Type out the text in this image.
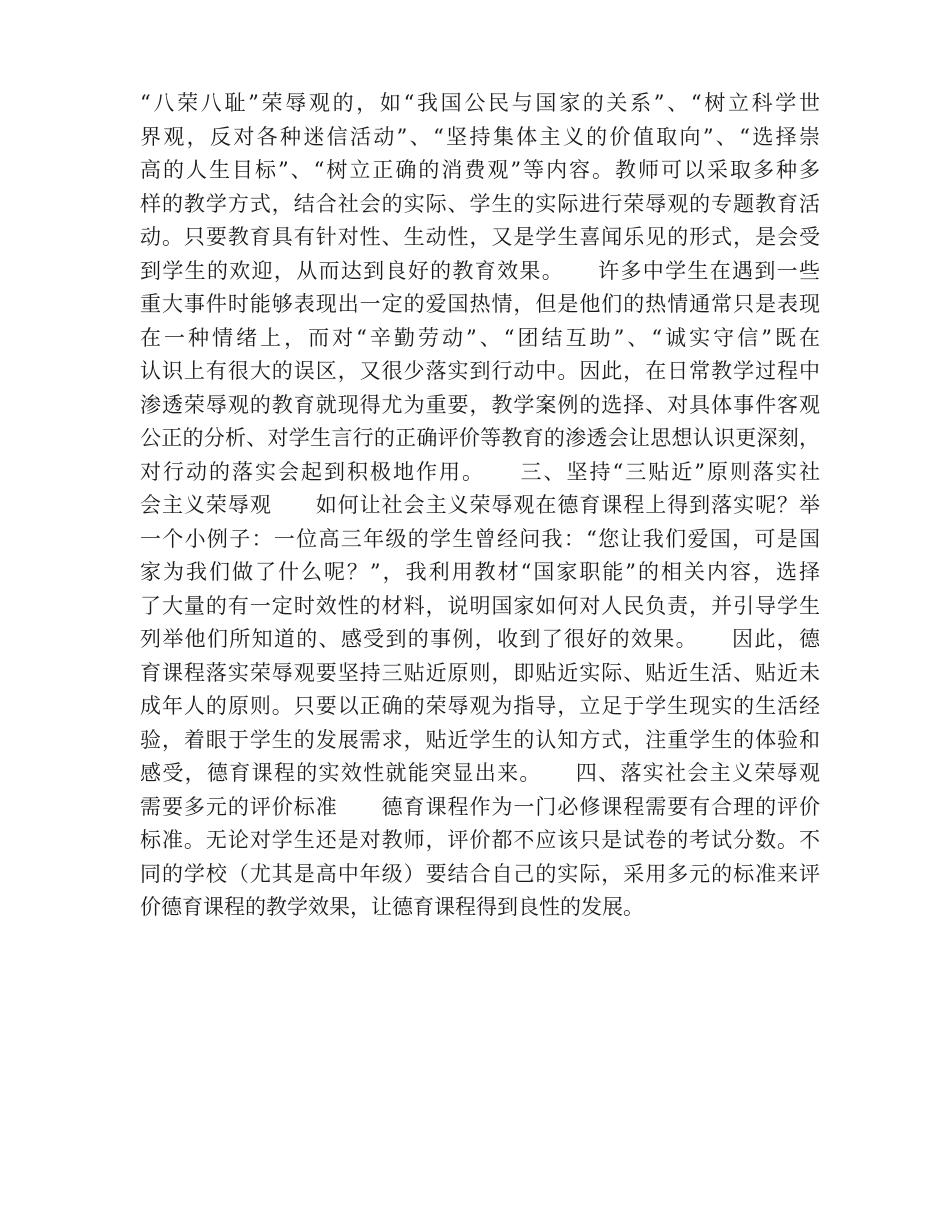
“八荣八耻”荣辱观的，如“我国公民与国家的关系”、“树立科学世
界观，反对各种迷信活动”、“坚持集体主义的价值取向”、“选择崇
高的人生目标”、“树立正确的消费观”等内容。教师可以采取多种多
样的教学方式，结合社会的实际、学生的实际进行荣辱观的专题教育活
动。只要教育具有针对性、生动性，又是学生喜闻乐见的形式，是会受
到学生的欢迎，从而达到良好的教育效果。　　许多中学生在遇到一些
重大事件时能够表现出一定的爱国热情，但是他们的热情通常只是表现
在一种情绪上，而对“辛勤劳动”、“团结互助”、“诚实守信”既在
认识上有很大的误区，又很少落实到行动中。因此，在日常教学过程中
渗透荣辱观的教育就现得尤为重要，教学案例的选择、对具体事件客观
公正的分析、对学生言行的正确评价等教育的渗透会让思想认识更深刻，
对行动的落实会起到积极地作用。　　三、坚持“三贴近”原则落实社
会主义荣辱观　　如何让社会主义荣辱观在德育课程上得到落实呢？举
一个小例子：一位高三年级的学生曾经问我：“您让我们爱国，可是国
家为我们做了什么呢？”，我利用教材“国家职能”的相关内容，选择
了大量的有一定时效性的材料，说明国家如何对人民负责，并引导学生
列举他们所知道的、感受到的事例，收到了很好的效果。　　因此，德
育课程落实荣辱观要坚持三贴近原则，即贴近实际、贴近生活、贴近未
成年人的原则。只要以正确的荣辱观为指导，立足于学生现实的生活经
验，着眼于学生的发展需求，贴近学生的认知方式，注重学生的体验和
感受，德育课程的实效性就能突显出来。　　四、落实社会主义荣辱观
需要多元的评价标准　　德育课程作为一门必修课程需要有合理的评价
标准。无论对学生还是对教师，评价都不应该只是试卷的考试分数。不
同的学校（尤其是高中年级）要结合自己的实际，采用多元的标准来评
价德育课程的教学效果，让德育课程得到良性的发展。
